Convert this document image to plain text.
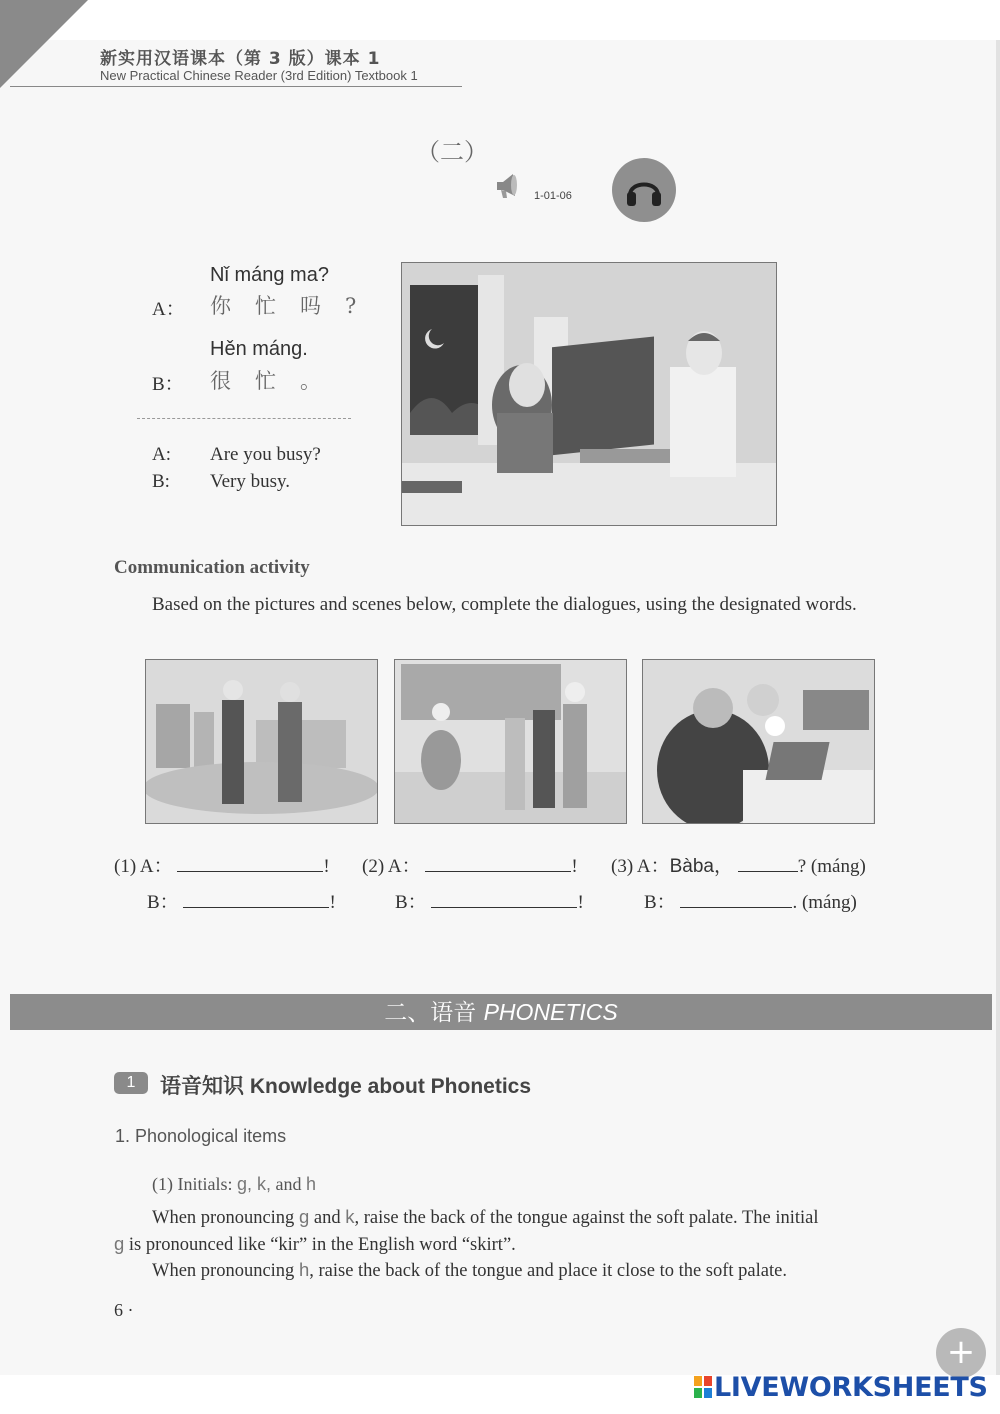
新实用汉语课本（第 3 版）课本 1
New Practical Chinese Reader (3rd Edition) Textbook 1
（二）
1-01-06
Nǐ máng ma?
A： 你忙吗?
Hěn máng.
B： 很忙。
A: Are you busy?
B: Very busy.
Communication activity
Based on the pictures and scenes below, complete the dialogues, using the designated words.
(1) A：	!
B：	!
(2) A：	!
B：	!
(3) A：Bàba，	? (máng)
B：	. (máng)
二、语音 PHONETICS
1	语音知识 Knowledge about Phonetics
1. Phonological items
(1) Initials: g, k, and h
When pronouncing g and k, raise the back of the tongue against the soft palate. The initial
g is pronounced like “kir” in the English word “skirt”.
When pronouncing h, raise the back of the tongue and place it close to the soft palate.
6 ·
+
LIVEWORKSHEETS
